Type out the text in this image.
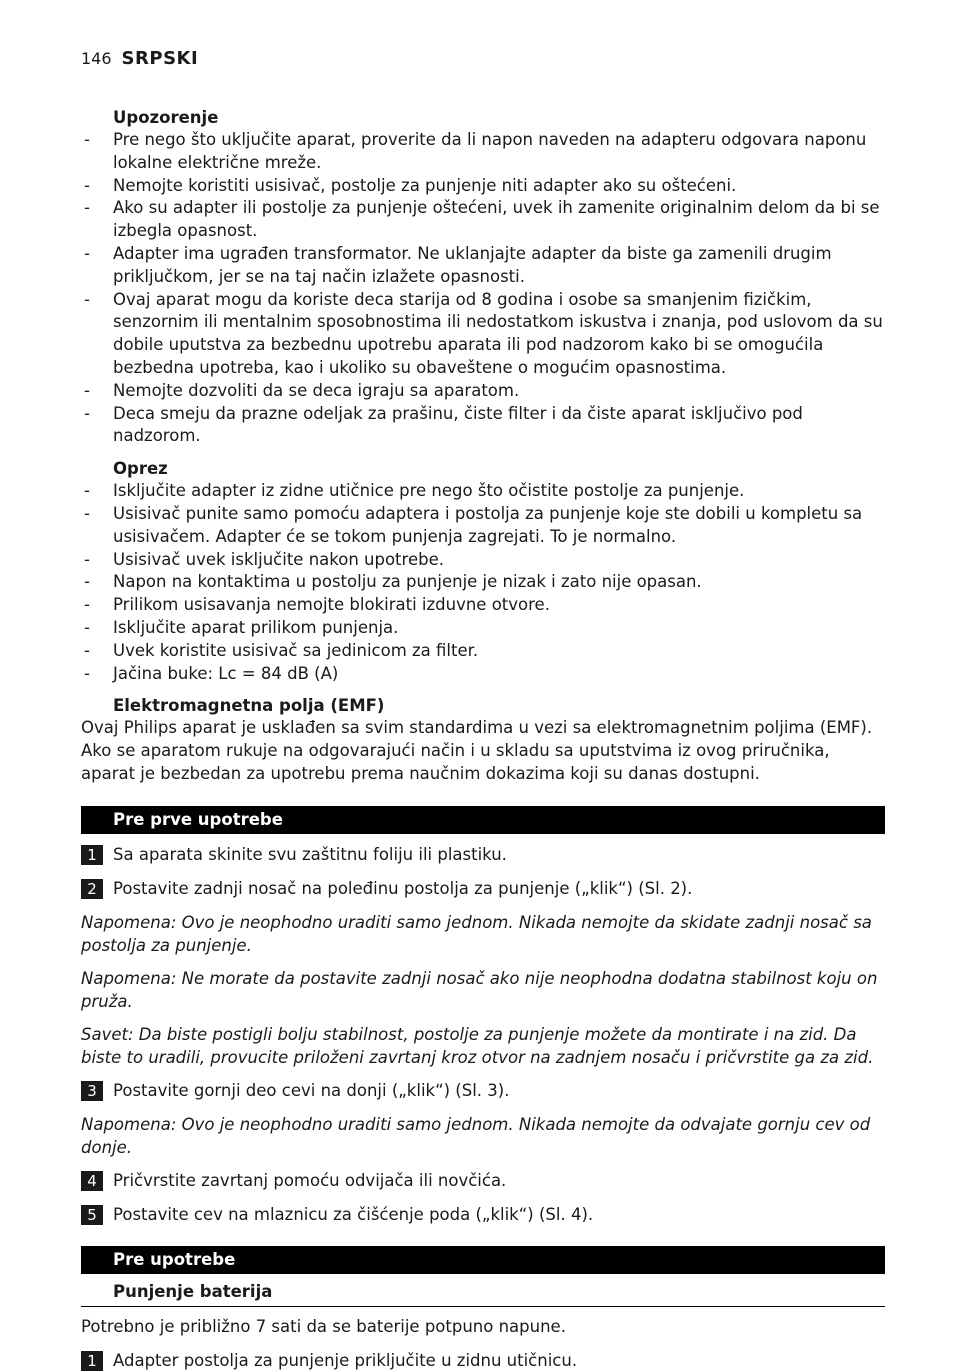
146 SRPSKI
Upozorenje
- Pre nego što uključite aparat, proverite da li napon naveden na adapteru odgovara naponu lokalne električne mreže.
- Nemojte koristiti usisivač, postolje za punjenje niti adapter ako su oštećeni.
- Ako su adapter ili postolje za punjenje oštećeni, uvek ih zamenite originalnim delom da bi se izbegla opasnost.
- Adapter ima ugrađen transformator. Ne uklanjajte adapter da biste ga zamenili drugim priključkom, jer se na taj način izlažete opasnosti.
- Ovaj aparat mogu da koriste deca starija od 8 godina i osobe sa smanjenim fizičkim, senzornim ili mentalnim sposobnostima ili nedostatkom iskustva i znanja, pod uslovom da su dobile uputstva za bezbednu upotrebu aparata ili pod nadzorom kako bi se omogućila bezbedna upotreba, kao i ukoliko su obaveštene o mogućim opasnostima.
- Nemojte dozvoliti da se deca igraju sa aparatom.
- Deca smeju da prazne odeljak za prašinu, čiste filter i da čiste aparat isključivo pod nadzorom.
Oprez
- Isključite adapter iz zidne utičnice pre nego što očistite postolje za punjenje.
- Usisivač punite samo pomoću adaptera i postolja za punjenje koje ste dobili u kompletu sa usisivačem. Adapter će se tokom punjenja zagrejati. To je normalno.
- Usisivač uvek isključite nakon upotrebe.
- Napon na kontaktima u postolju za punjenje je nizak i zato nije opasan.
- Prilikom usisavanja nemojte blokirati izduvne otvore.
- Isključite aparat prilikom punjenja.
- Uvek koristite usisivač sa jedinicom za filter.
- Jačina buke: Lc = 84 dB (A)
Elektromagnetna polja (EMF)
Ovaj Philips aparat je usklađen sa svim standardima u vezi sa elektromagnetnim poljima (EMF). Ako se aparatom rukuje na odgovarajući način i u skladu sa uputstvima iz ovog priručnika, aparat je bezbedan za upotrebu prema naučnim dokazima koji su danas dostupni.
Pre prve upotrebe
1 Sa aparata skinite svu zaštitnu foliju ili plastiku.
2 Postavite zadnji nosač na poleđinu postolja za punjenje („klik“) (Sl. 2).
Napomena: Ovo je neophodno uraditi samo jednom. Nikada nemojte da skidate zadnji nosač sa postolja za punjenje.
Napomena: Ne morate da postavite zadnji nosač ako nije neophodna dodatna stabilnost koju on pruža.
Savet: Da biste postigli bolju stabilnost, postolje za punjenje možete da montirate i na zid. Da biste to uradili, provucite priloženi zavrtanj kroz otvor na zadnjem nosaču i pričvrstite ga za zid.
3 Postavite gornji deo cevi na donji („klik“) (Sl. 3).
Napomena: Ovo je neophodno uraditi samo jednom. Nikada nemojte da odvajate gornju cev od donje.
4 Pričvrstite zavrtanj pomoću odvijača ili novčića.
5 Postavite cev na mlaznicu za čišćenje poda („klik“) (Sl. 4).
Pre upotrebe
Punjenje baterija
Potrebno je približno 7 sati da se baterije potpuno napune.
1 Adapter postolja za punjenje priključite u zidnu utičnicu.
